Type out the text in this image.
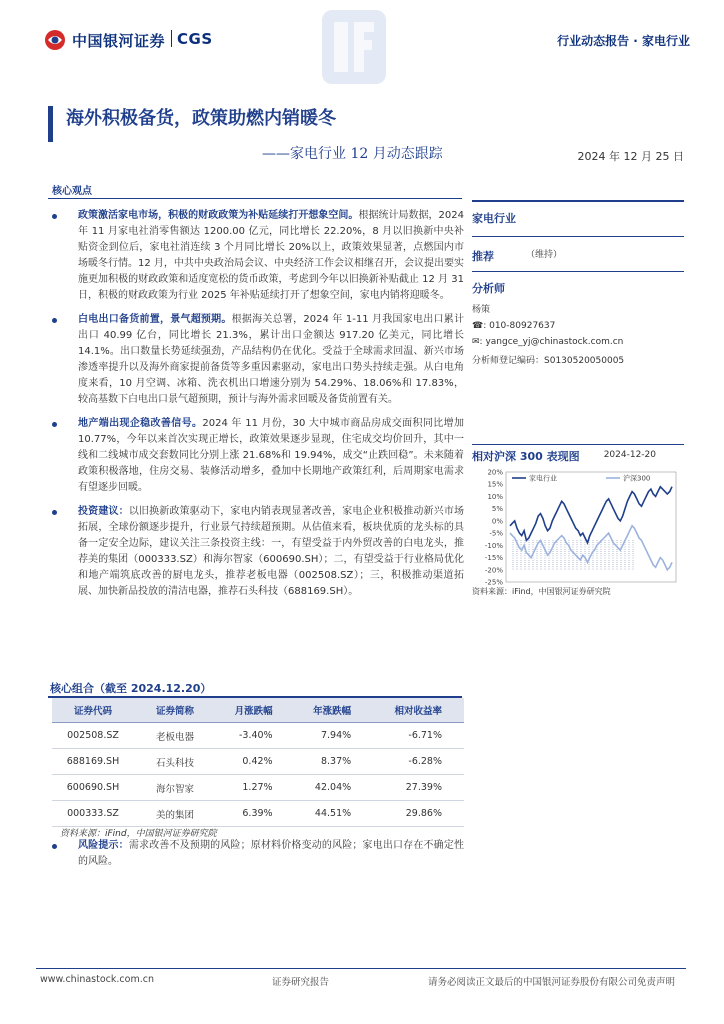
中国银河证券 CGS	行业动态报告 · 家电行业
海外积极备货，政策助燃内销暖冬
——家电行业 12 月动态跟踪	2024 年 12 月 25 日
核心观点
政策激活家电市场，积极的财政政策为补贴延续打开想象空间。根据统计局数据，2024 年 11 月家电社消零售额达 1200.00 亿元，同比增长 22.20%，8 月以旧换新中央补贴资金到位后，家电社消连续 3 个月同比增长 20%以上，政策效果显著，点燃国内市场暖冬行情。12 月，中共中央政治局会议、中央经济工作会议相继召开，会议提出要实施更加积极的财政政策和适度宽松的货币政策，考虑到今年以旧换新补贴截止 12 月 31 日，积极的财政政策为行业 2025 年补贴延续打开了想象空间，家电内销将迎暖冬。
白电出口备货前置，景气超预期。根据海关总署，2024 年 1-11 月我国家电出口累计出口 40.99 亿台，同比增长 21.3%，累计出口金额达 917.20 亿美元，同比增长 14.1%。出口数量长势延续强劲，产品结构仍在优化。受益于全球需求回温、新兴市场渗透率提升以及海外商家提前备货等多重因素驱动，家电出口势头持续走强。从白电角度来看，10 月空调、冰箱、洗衣机出口增速分别为 54.29%、18.06%和 17.83%，较高基数下白电出口景气超预期，预计与海外需求回暖及备货前置有关。
地产端出现企稳改善信号。2024 年 11 月份，30 大中城市商品房成交面积同比增加 10.77%，今年以来首次实现正增长，政策效果逐步显现，住宅成交均价回升，其中一线和二线城市成交套数同比分别上涨 21.68%和 19.94%，成交“止跌回稳”。未来随着政策积极落地，住房交易、装修活动增多，叠加中长期地产政策红利，后周期家电需求有望逐步回暖。
投资建议：以旧换新政策驱动下，家电内销表现显著改善，家电企业积极推动新兴市场拓展，全球份额逐步提升，行业景气持续超预期。从估值来看，板块优质的龙头标的具备一定安全边际，建议关注三条投资主线：一，有望受益于内外贸改善的白电龙头，推荐美的集团（000333.SZ）和海尔智家（600690.SH）；二，有望受益于行业格局优化和地产端筑底改善的厨电龙头，推荐老板电器（002508.SZ）；三，积极推动渠道拓展、加快新品投放的清洁电器，推荐石头科技（688169.SH）。
家电行业
推荐	（维持）
分析师
杨策
☎: 010-80927637
✉: yangce_yj@chinastock.com.cn
分析师登记编码：S0130520050005
相对沪深 300 表现图	2024-12-20
20%
15%
10%
5%
0%
-5%
-10%
-15%
-20%
-25%
家电行业	沪深300
资料来源：iFind，中国银河证券研究院
核心组合（截至 2024.12.20）
证券代码	证券简称	月涨跌幅	年涨跌幅	相对收益率
002508.SZ	老板电器	-3.40%	7.94%	-6.71%
688169.SH	石头科技	0.42%	8.37%	-6.28%
600690.SH	海尔智家	1.27%	42.04%	27.39%
000333.SZ	美的集团	6.39%	44.51%	29.86%
资料来源：iFind，中国银河证券研究院
风险提示：需求改善不及预期的风险；原材料价格变动的风险；家电出口存在不确定性的风险。
www.chinastock.com.cn	证券研究报告	请务必阅读正文最后的中国银河证券股份有限公司免责声明
